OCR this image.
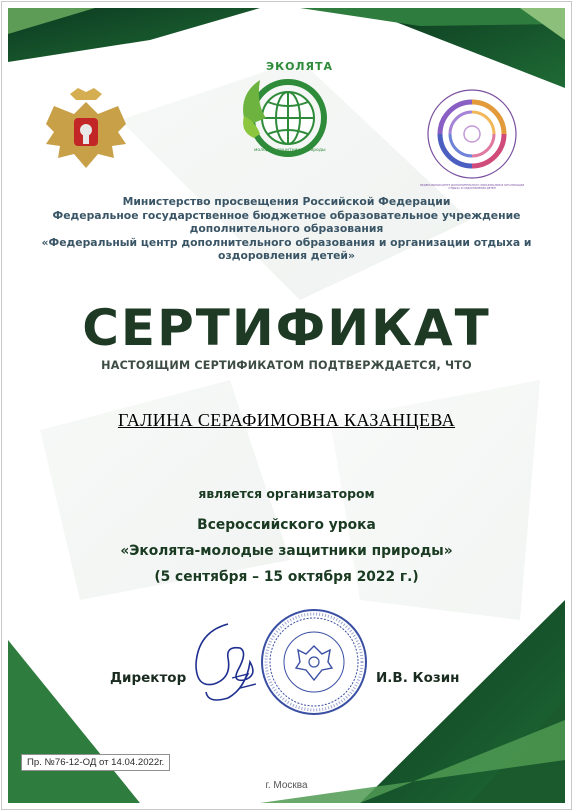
ЭКОЛЯТА
молодые защитники природы
ФЕДЕРАЛЬНЫЙ ЦЕНТР ДОПОЛНИТЕЛЬНОГО ОБРАЗОВАНИЯ И ОРГАНИЗАЦИИ ОТДЫХА И ОЗДОРОВЛЕНИЯ ДЕТЕЙ
Министерство просвещения Российской Федерации
Федеральное государственное бюджетное образовательное учреждение
дополнительного образования
«Федеральный центр дополнительного образования и организации отдыха и
оздоровления детей»
СЕРТИФИКАТ
НАСТОЯЩИМ СЕРТИФИКАТОМ ПОДТВЕРЖДАЕТСЯ, ЧТО
ГАЛИНА СЕРАФИМОВНА КАЗАНЦЕВА
является организатором
Всероссийского урока
«Эколята-молодые защитники природы»
(5 сентября – 15 октября 2022 г.)
Директор	И.В. Козин
Пр. №76-12-ОД от 14.04.2022г.
г. Москва
